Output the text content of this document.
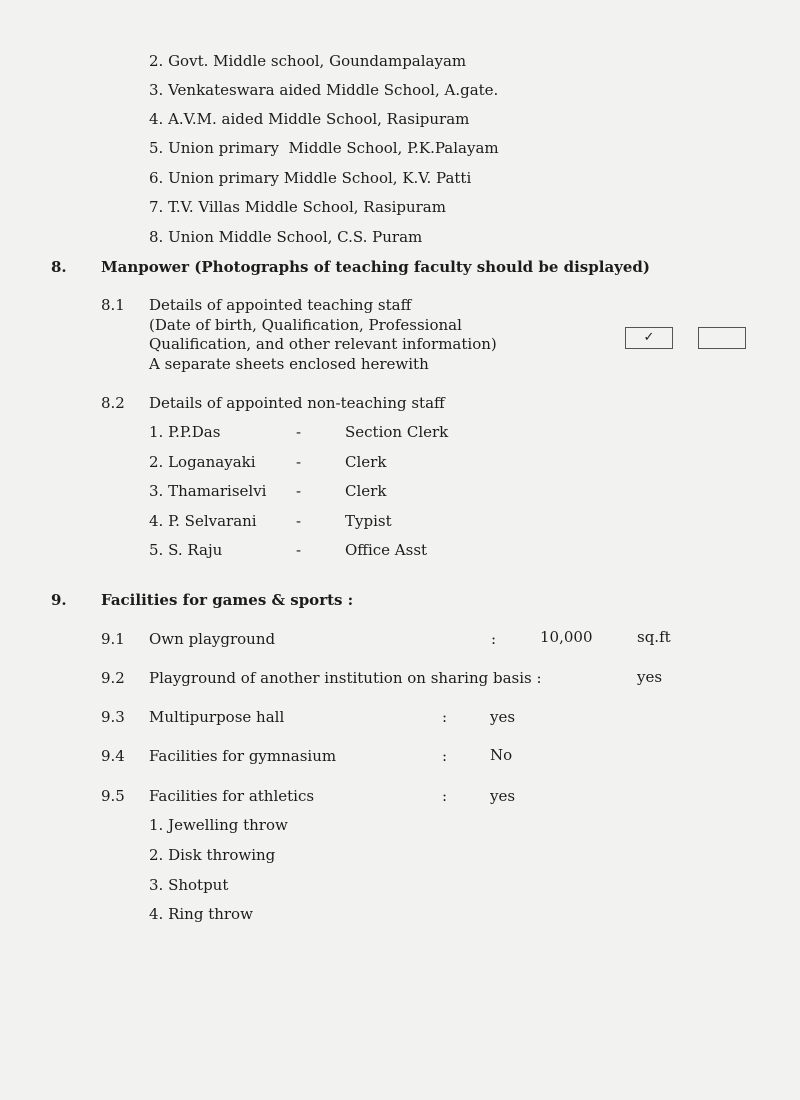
2. Govt. Middle school, Goundampalayam
3. Venkateswara aided Middle School, A.gate.
4. A.V.M. aided Middle School, Rasipuram
5. Union primary  Middle School, P.K.Palayam
6. Union primary Middle School, K.V. Patti
7. T.V. Villas Middle School, Rasipuram
8. Union Middle School, C.S. Puram
8. Manpower (Photographs of teaching faculty should be displayed)
8.1 Details of appointed teaching staff
(Date of birth, Qualification, Professional
Qualification, and other relevant information)
A separate sheets enclosed herewith
✓
8.2 Details of appointed non-teaching staff
1. P.P.Das	-	Section Clerk
2. Loganayaki	-	Clerk
3. Thamariselvi -	Clerk
4. P. Selvarani	-	Typist
5. S. Raju	-	Office Asst
9. Facilities for games & sports :
9.1 Own playground	:	10,000	sq.ft
9.2 Playground of another institution on sharing basis :	yes
9.3 Multipurpose hall	:	yes
9.4 Facilities for gymnasium	:	No
9.5 Facilities for athletics	:	yes
1. Jewelling throw
2. Disk throwing
3. Shotput
4. Ring throw
